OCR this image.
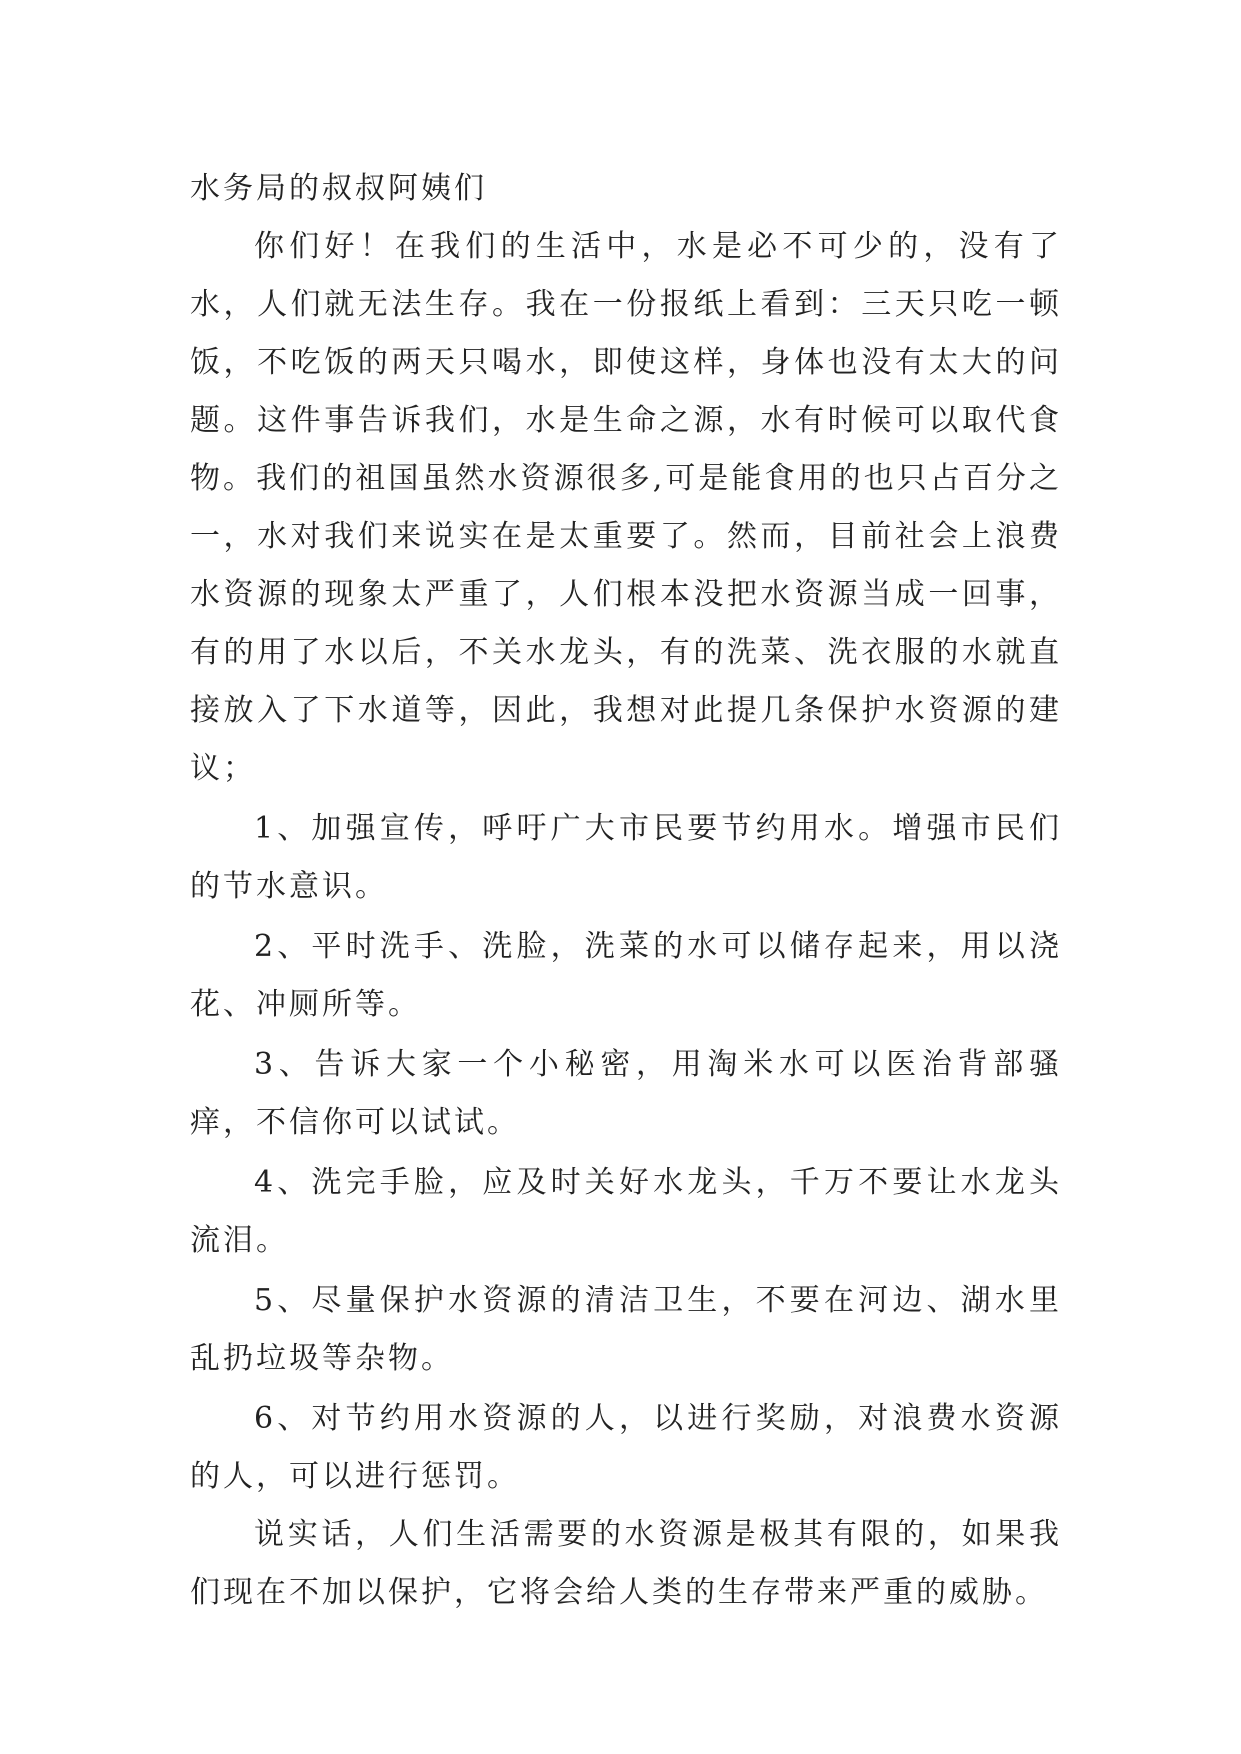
水务局的叔叔阿姨们

你们好！在我们的生活中，水是必不可少的，没有了水，人们就无法生存。我在一份报纸上看到：三天只吃一顿饭，不吃饭的两天只喝水，即使这样，身体也没有太大的问题。这件事告诉我们，水是生命之源，水有时候可以取代食物。我们的祖国虽然水资源很多,可是能食用的也只占百分之一，水对我们来说实在是太重要了。然而，目前社会上浪费水资源的现象太严重了，人们根本没把水资源当成一回事，有的用了水以后，不关水龙头，有的洗菜、洗衣服的水就直接放入了下水道等，因此，我想对此提几条保护水资源的建议；

1、加强宣传，呼吁广大市民要节约用水。增强市民们的节水意识。

2、平时洗手、洗脸，洗菜的水可以储存起来，用以浇花、冲厕所等。

3、告诉大家一个小秘密，用淘米水可以医治背部骚痒，不信你可以试试。

4、洗完手脸，应及时关好水龙头，千万不要让水龙头流泪。

5、尽量保护水资源的清洁卫生，不要在河边、湖水里乱扔垃圾等杂物。

6、对节约用水资源的人，以进行奖励，对浪费水资源的人，可以进行惩罚。

说实话，人们生活需要的水资源是极其有限的，如果我们现在不加以保护，它将会给人类的生存带来严重的威胁。
